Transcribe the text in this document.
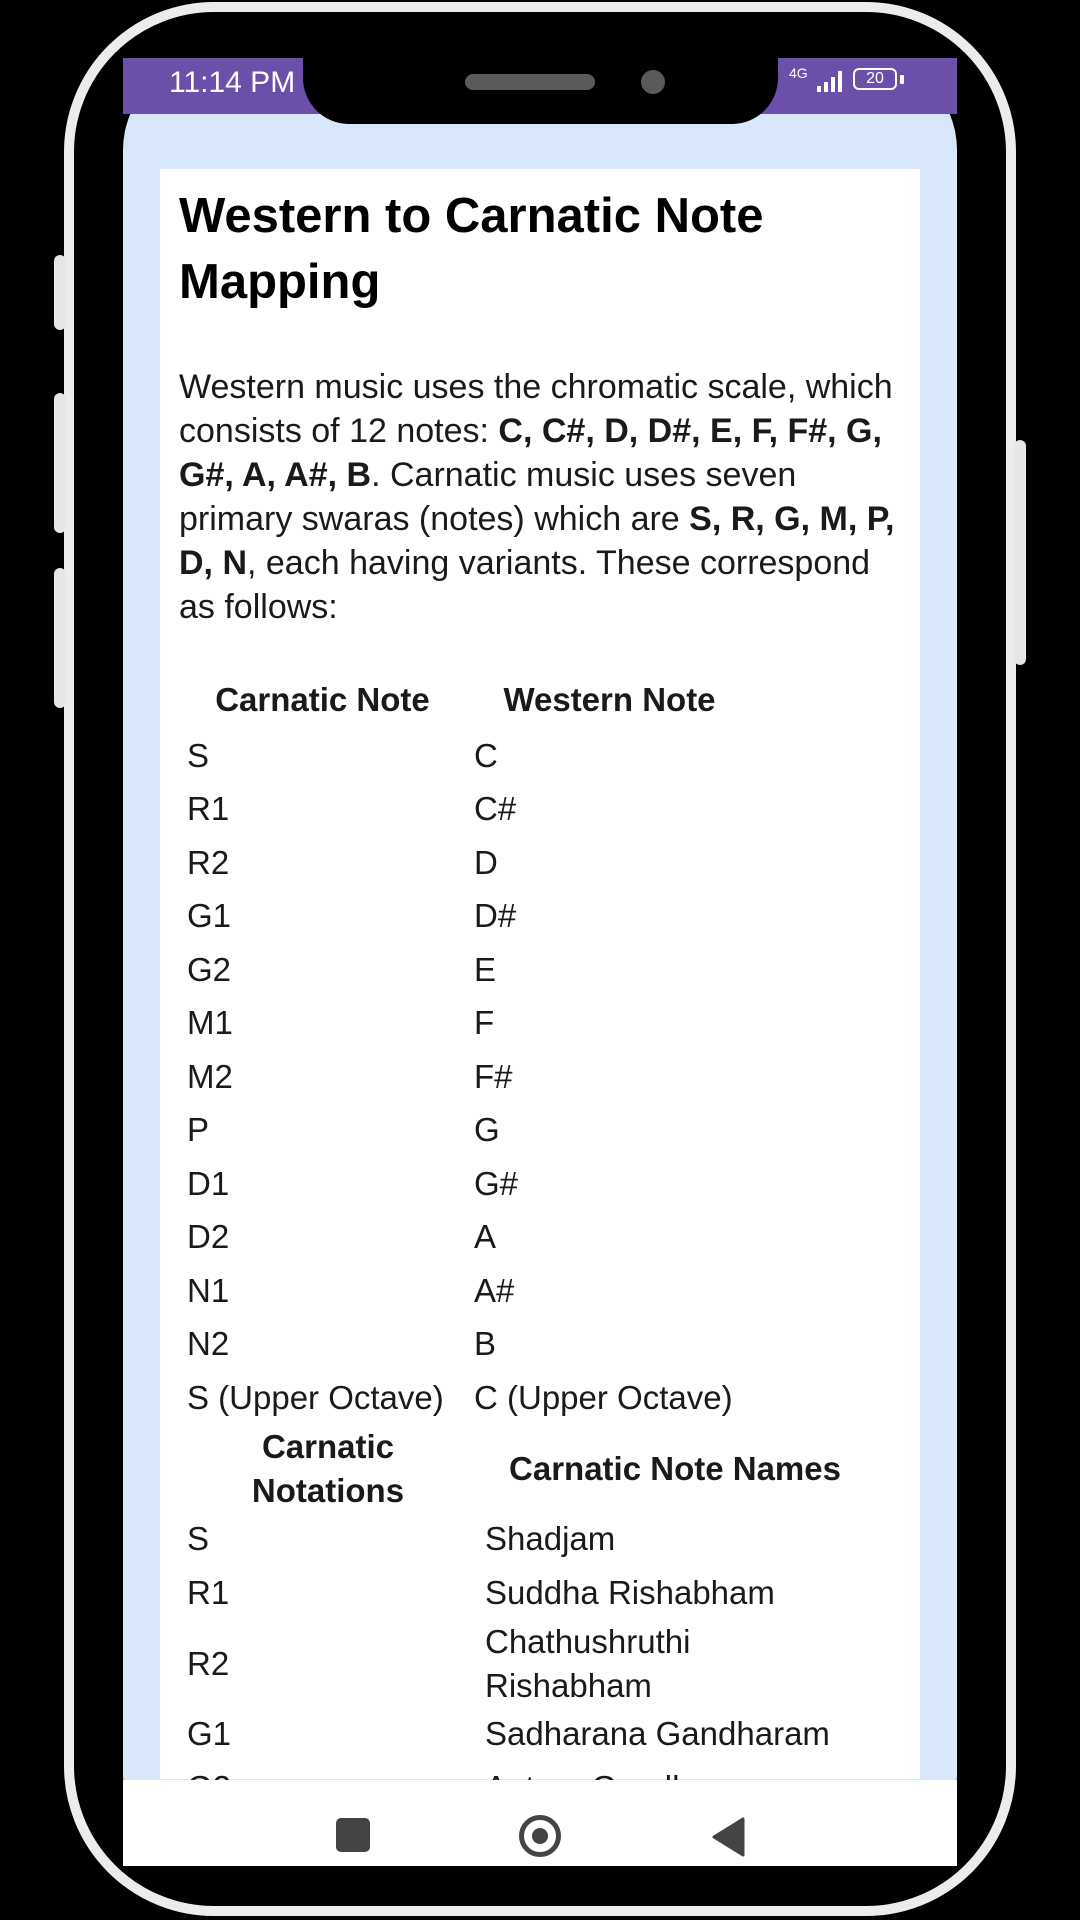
11:14 PM	4G	20
Western to Carnatic Note Mapping

Western music uses the chromatic scale, which consists of 12 notes: C, C#, D, D#, E, F, F#, G, G#, A, A#, B. Carnatic music uses seven primary swaras (notes) which are S, R, G, M, P, D, N, each having variants. These correspond as follows:

Carnatic Note	Western Note
S	C
R1	C#
R2	D
G1	D#
G2	E
M1	F
M2	F#
P	G
D1	G#
D2	A
N1	A#
N2	B
S (Upper Octave)	C (Upper Octave)
Carnatic Notations	Carnatic Note Names
S	Shadjam
R1	Suddha Rishabham
R2	Chathushruthi Rishabham
G1	Sadharana Gandharam
